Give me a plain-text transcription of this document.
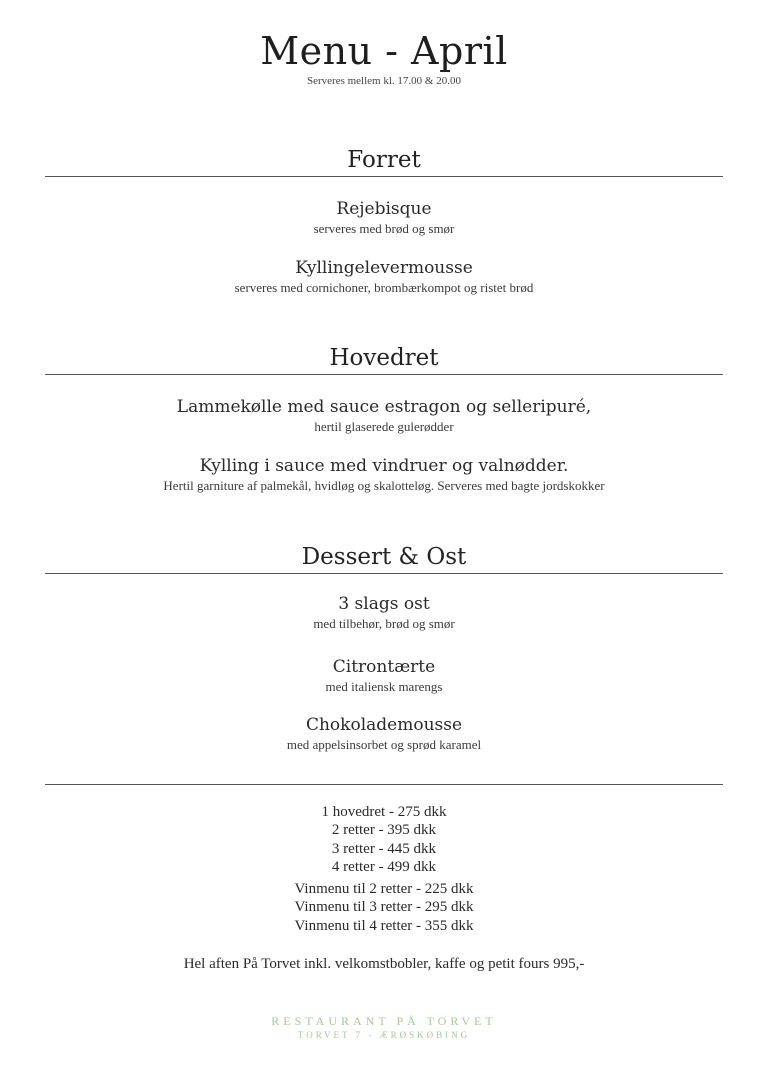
Menu - April
Serveres mellem kl. 17.00 & 20.00
Forret
Rejebisque
serveres med brød og smør
Kyllingelevermousse
serveres med cornichoner, brombærkompot og ristet brød
Hovedret
Lammekølle med sauce estragon og selleripuré,
hertil glaserede gulerødder
Kylling i sauce med vindruer og valnødder.
Hertil garniture af palmekål, hvidløg og skalotteløg. Serveres med bagte jordskokker
Dessert & Ost
3 slags ost
med tilbehør, brød og smør
Citrontærte
med italiensk marengs
Chokolademousse
med appelsinsorbet og sprød karamel
1 hovedret - 275 dkk
2 retter - 395 dkk
3 retter - 445 dkk
4 retter - 499 dkk
Vinmenu til 2 retter - 225 dkk
Vinmenu til 3 retter - 295 dkk
Vinmenu til 4 retter - 355 dkk
Hel aften På Torvet inkl. velkomstbobler, kaffe og petit fours 995,-
RESTAURANT PÅ TORVET
TORVET 7 - ÆRØSKØBING
